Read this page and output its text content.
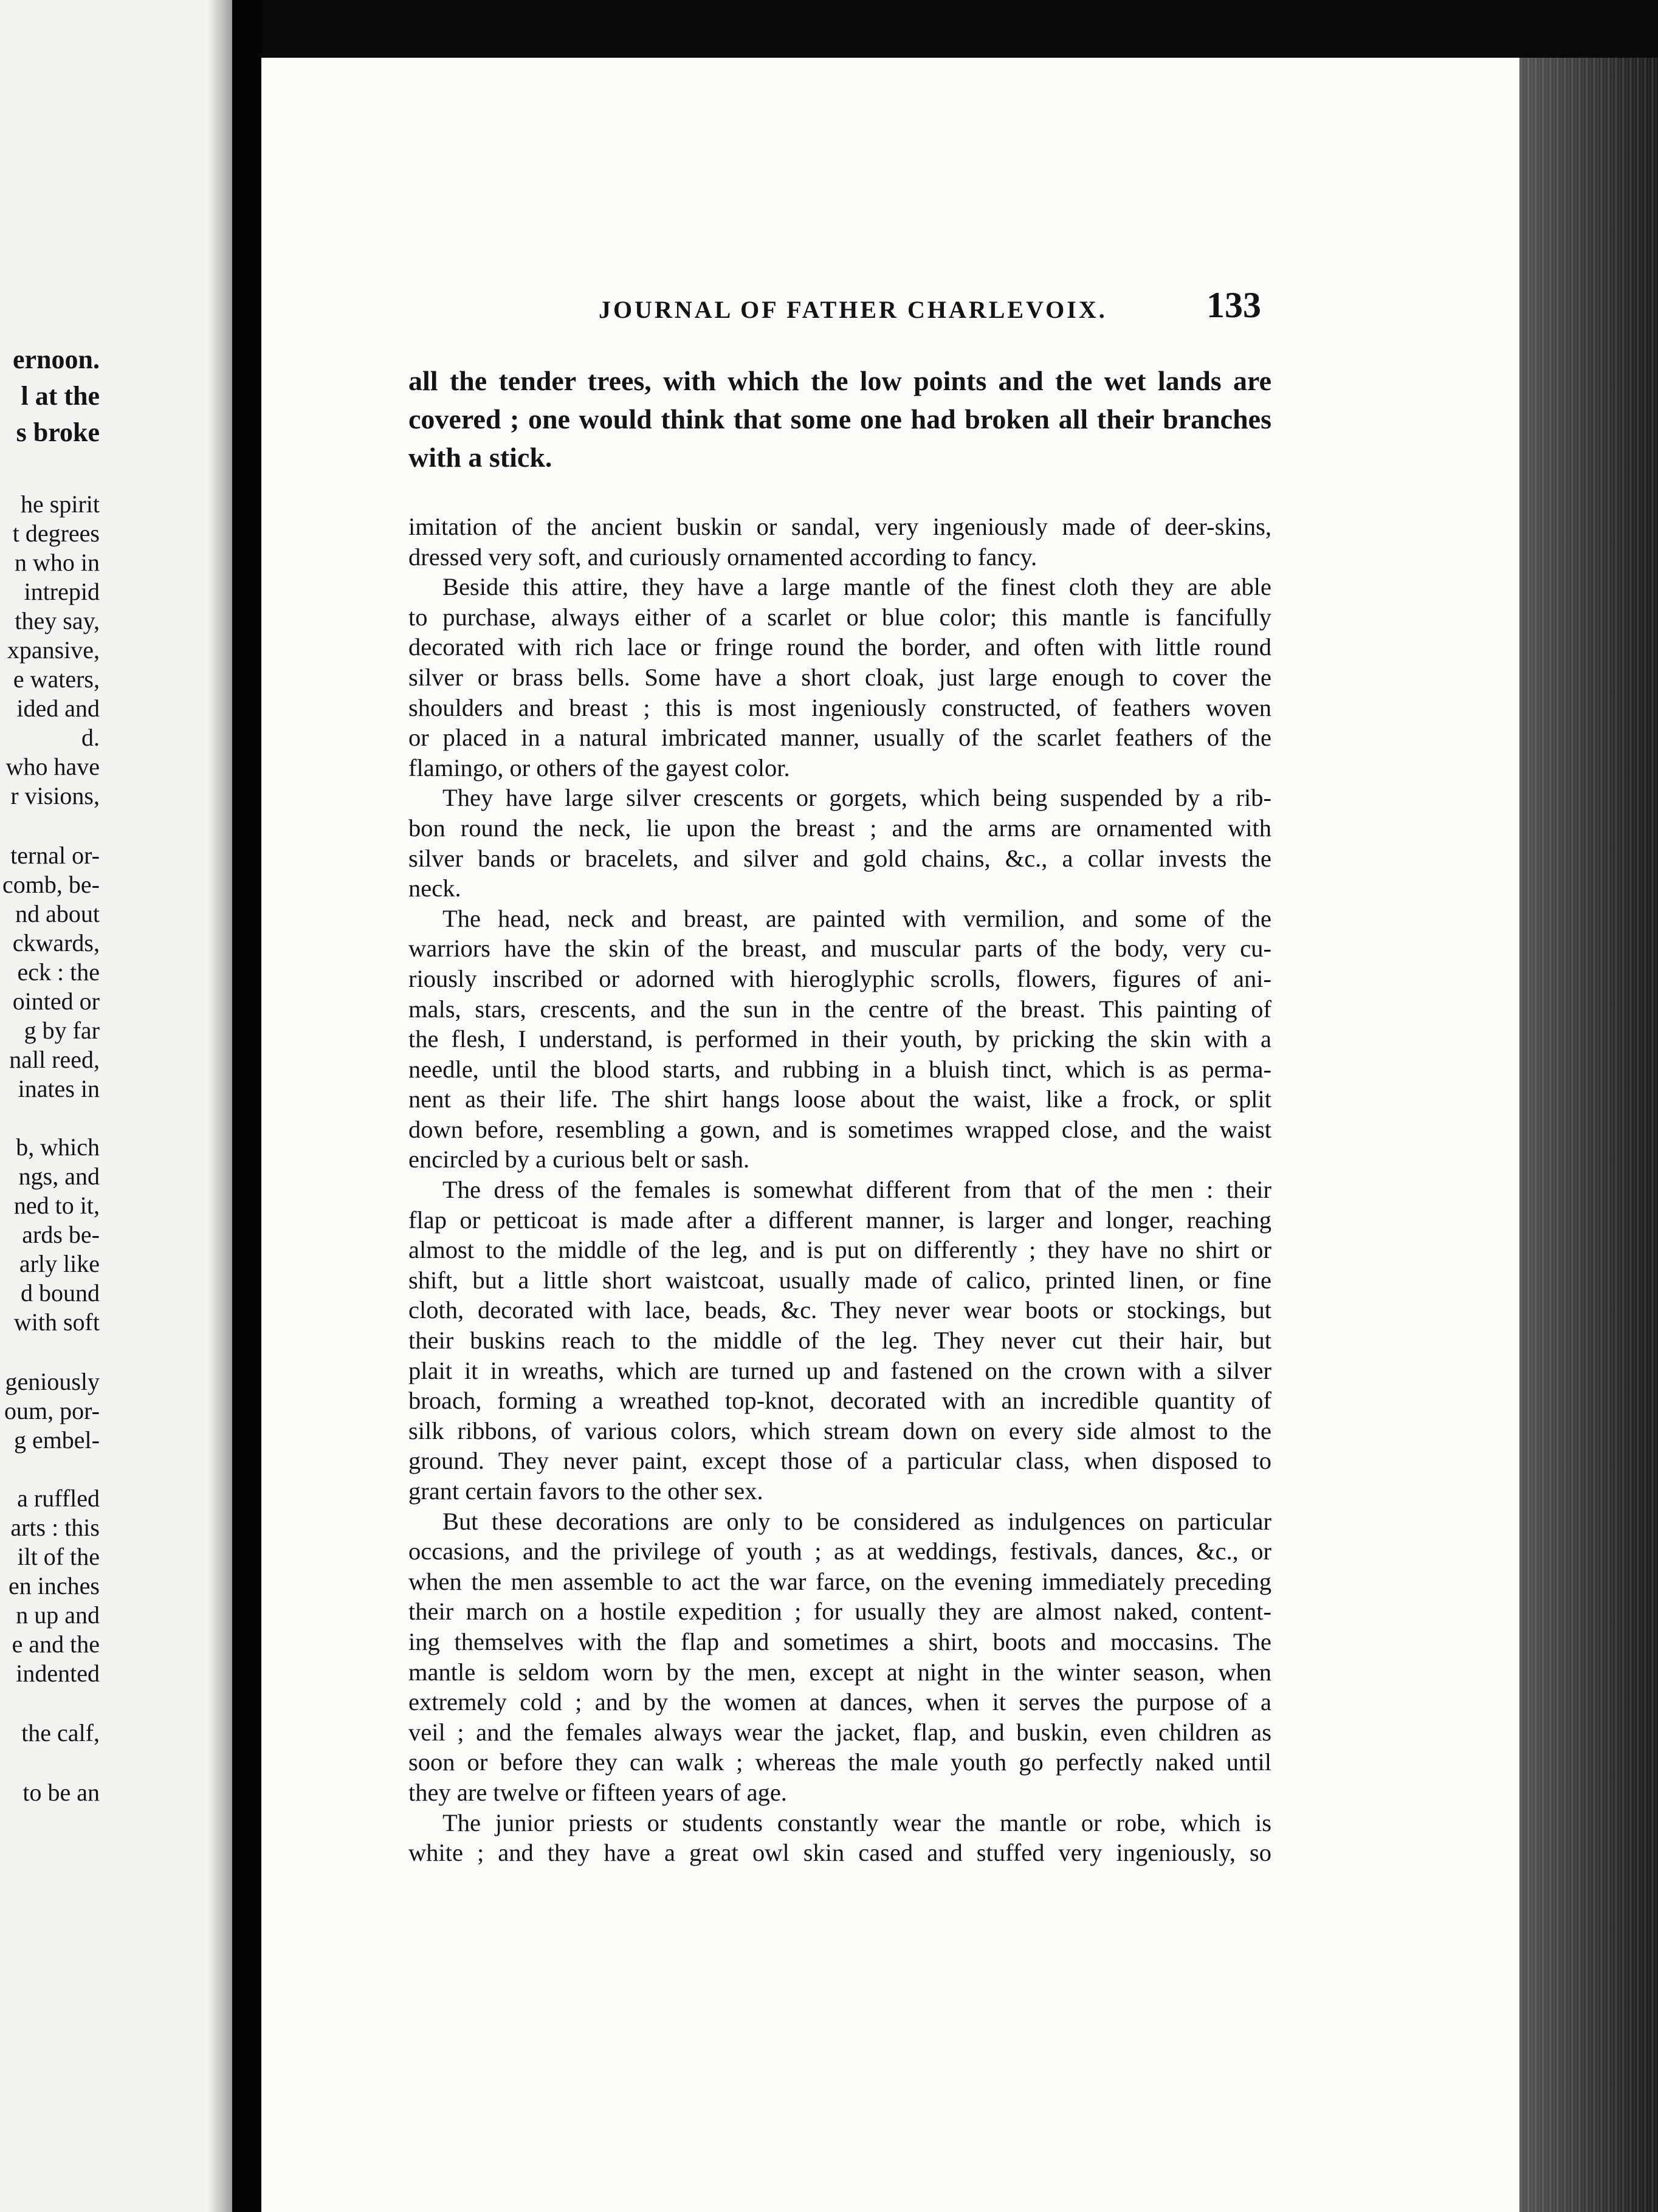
ernoon.
l at the
s broke
he spirit
t degrees
n who in
intrepid
they say,
xpansive,
e waters,
ided and
d.
who have
r visions,
ternal or-
comb, be-
nd about
ckwards,
eck : the
ointed or
g by far
nall reed,
inates in
b, which
ngs, and
ned to it,
ards be-
arly like
d bound
with soft
geniously
oum, por-
g embel-
a ruffled
arts : this
ilt of the
en inches
n up and
e and the
indented
the calf,
to be an
JOURNAL OF FATHER CHARLEVOIX.	133
all the tender trees, with which the low points and the wet lands are
covered ; one would think that some one had broken all their branches
with a stick.
imitation of the ancient buskin or sandal, very ingeniously made of deer-skins,
dressed very soft, and curiously ornamented according to fancy.
Beside this attire, they have a large mantle of the finest cloth they are able
to purchase, always either of a scarlet or blue color; this mantle is fancifully
decorated with rich lace or fringe round the border, and often with little round
silver or brass bells. Some have a short cloak, just large enough to cover the
shoulders and breast ; this is most ingeniously constructed, of feathers woven
or placed in a natural imbricated manner, usually of the scarlet feathers of the
flamingo, or others of the gayest color.
They have large silver crescents or gorgets, which being suspended by a rib-
bon round the neck, lie upon the breast ; and the arms are ornamented with
silver bands or bracelets, and silver and gold chains, &c., a collar invests the
neck.
The head, neck and breast, are painted with vermilion, and some of the
warriors have the skin of the breast, and muscular parts of the body, very cu-
riously inscribed or adorned with hieroglyphic scrolls, flowers, figures of ani-
mals, stars, crescents, and the sun in the centre of the breast. This painting of
the flesh, I understand, is performed in their youth, by pricking the skin with a
needle, until the blood starts, and rubbing in a bluish tinct, which is as perma-
nent as their life. The shirt hangs loose about the waist, like a frock, or split
down before, resembling a gown, and is sometimes wrapped close, and the waist
encircled by a curious belt or sash.
The dress of the females is somewhat different from that of the men : their
flap or petticoat is made after a different manner, is larger and longer, reaching
almost to the middle of the leg, and is put on differently ; they have no shirt or
shift, but a little short waistcoat, usually made of calico, printed linen, or fine
cloth, decorated with lace, beads, &c. They never wear boots or stockings, but
their buskins reach to the middle of the leg. They never cut their hair, but
plait it in wreaths, which are turned up and fastened on the crown with a silver
broach, forming a wreathed top-knot, decorated with an incredible quantity of
silk ribbons, of various colors, which stream down on every side almost to the
ground. They never paint, except those of a particular class, when disposed to
grant certain favors to the other sex.
But these decorations are only to be considered as indulgences on particular
occasions, and the privilege of youth ; as at weddings, festivals, dances, &c., or
when the men assemble to act the war farce, on the evening immediately preceding
their march on a hostile expedition ; for usually they are almost naked, content-
ing themselves with the flap and sometimes a shirt, boots and moccasins. The
mantle is seldom worn by the men, except at night in the winter season, when
extremely cold ; and by the women at dances, when it serves the purpose of a
veil ; and the females always wear the jacket, flap, and buskin, even children as
soon or before they can walk ; whereas the male youth go perfectly naked until
they are twelve or fifteen years of age.
The junior priests or students constantly wear the mantle or robe, which is
white ; and they have a great owl skin cased and stuffed very ingeniously, so
